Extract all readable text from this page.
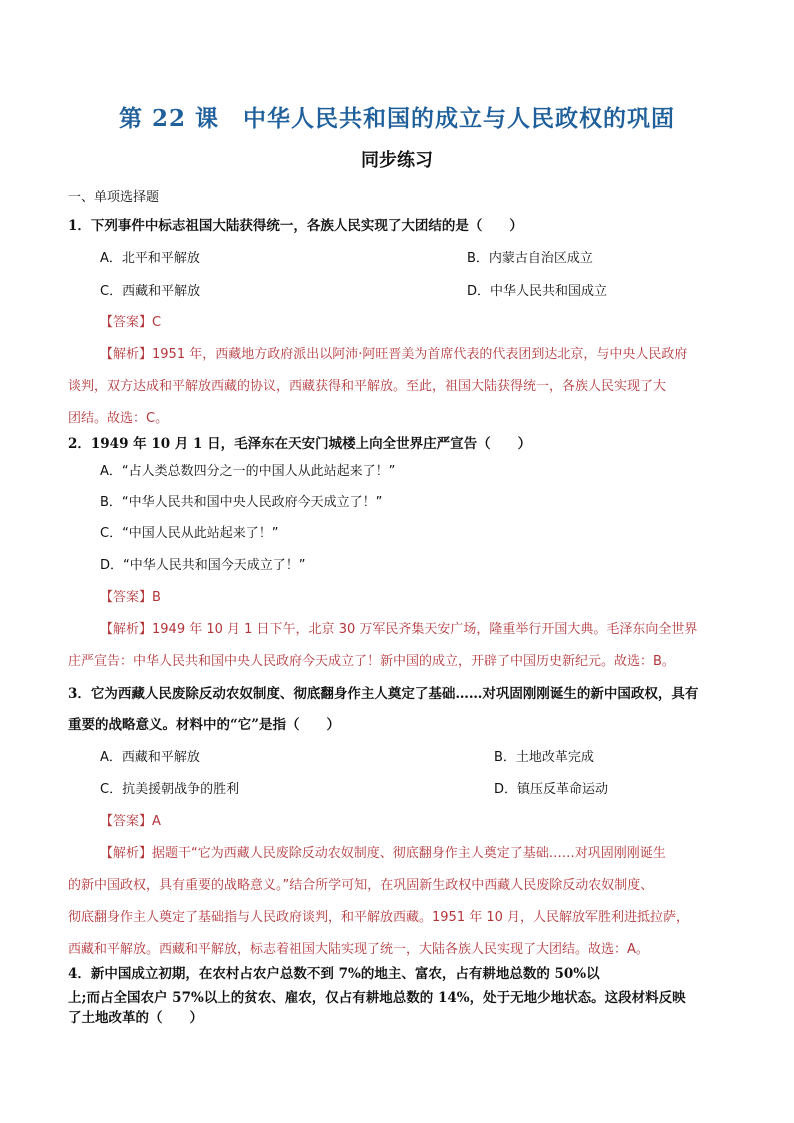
第 22 课　中华人民共和国的成立与人民政权的巩固
同步练习
一、单项选择题
1．下列事件中标志祖国大陆获得统一，各族人民实现了大团结的是（　　）
A．北平和平解放	B．内蒙古自治区成立
C．西藏和平解放	D．中华人民共和国成立
【答案】C
【解析】1951 年，西藏地方政府派出以阿沛·阿旺晋美为首席代表的代表团到达北京，与中央人民政府
谈判，双方达成和平解放西藏的协议，西藏获得和平解放。至此，祖国大陆获得统一，各族人民实现了大
团结。故选：C。
2．1949 年 10 月 1 日，毛泽东在天安门城楼上向全世界庄严宣告（　　）
A．“占人类总数四分之一的中国人从此站起来了！”
B．“中华人民共和国中央人民政府今天成立了！”
C．“中国人民从此站起来了！”
D．“中华人民共和国今天成立了！”
【答案】B
【解析】1949 年 10 月 1 日下午，北京 30 万军民齐集天安广场，隆重举行开国大典。毛泽东向全世界
庄严宣告：中华人民共和国中央人民政府今天成立了！新中国的成立，开辟了中国历史新纪元。故选：B。
3．它为西藏人民废除反动农奴制度、彻底翻身作主人奠定了基础……对巩固刚刚诞生的新中国政权，具有
重要的战略意义。材料中的“它”是指（　　）
A．西藏和平解放	B．土地改革完成
C．抗美援朝战争的胜利	D．镇压反革命运动
【答案】A
【解析】据题干“它为西藏人民废除反动农奴制度、彻底翻身作主人奠定了基础……对巩固刚刚诞生
的新中国政权，具有重要的战略意义。”结合所学可知，在巩固新生政权中西藏人民废除反动农奴制度、
彻底翻身作主人奠定了基础指与人民政府谈判，和平解放西藏。1951 年 10 月，人民解放军胜利进抵拉萨，
西藏和平解放。西藏和平解放，标志着祖国大陆实现了统一，大陆各族人民实现了大团结。故选：A。
4．新中国成立初期，在农村占农户总数不到 7%的地主、富农，占有耕地总数的 50%以
上;而占全国农户 57%以上的贫农、雇农，仅占有耕地总数的 14%，处于无地少地状态。这段材料反映
了土地改革的（　　）
